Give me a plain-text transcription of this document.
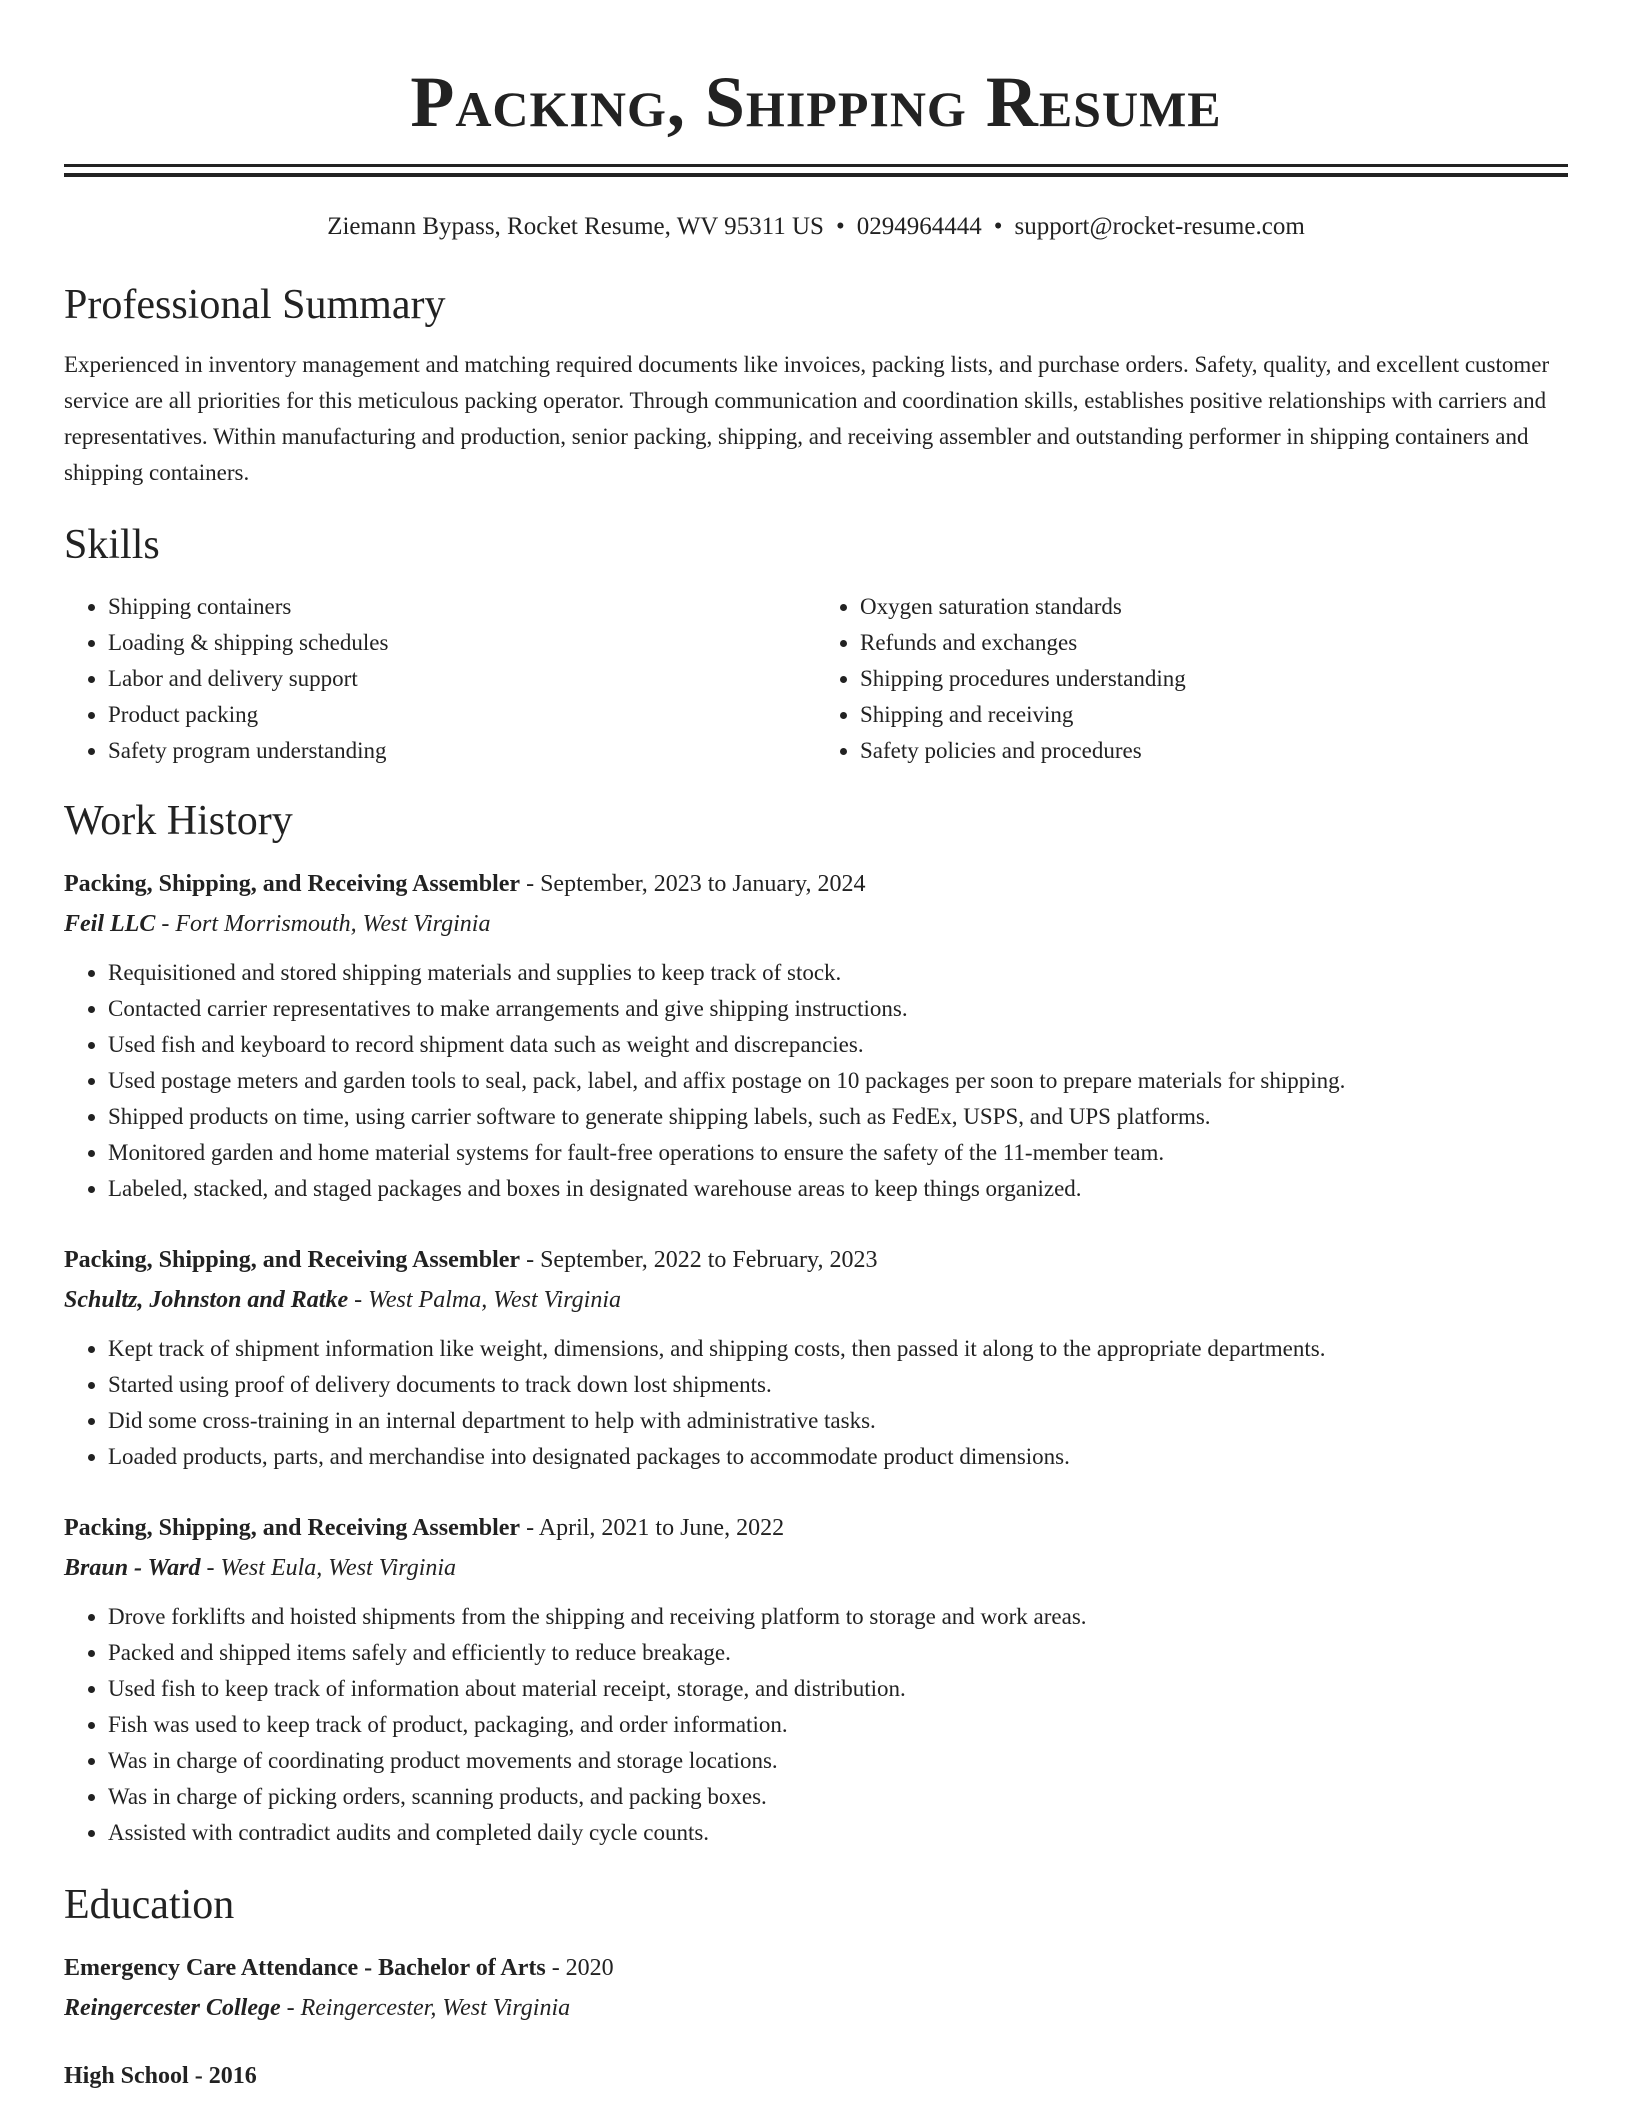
Packing, Shipping Resume
Ziemann Bypass, Rocket Resume, WV 95311 US • 0294964444 • support@rocket-resume.com
Professional Summary

Experienced in inventory management and matching required documents like invoices, packing lists, and purchase orders. Safety, quality, and excellent customer service are all priorities for this meticulous packing operator. Through communication and coordination skills, establishes positive relationships with carriers and representatives. Within manufacturing and production, senior packing, shipping, and receiving assembler and outstanding performer in shipping containers and shipping containers.

Skills
• Shipping containers
• Loading & shipping schedules
• Labor and delivery support
• Product packing
• Safety program understanding
• Oxygen saturation standards
• Refunds and exchanges
• Shipping procedures understanding
• Shipping and receiving
• Safety policies and procedures
Work History
Packing, Shipping, and Receiving Assembler - September, 2023 to January, 2024
Feil LLC - Fort Morrismouth, West Virginia
• Requisitioned and stored shipping materials and supplies to keep track of stock.
• Contacted carrier representatives to make arrangements and give shipping instructions.
• Used fish and keyboard to record shipment data such as weight and discrepancies.
• Used postage meters and garden tools to seal, pack, label, and affix postage on 10 packages per soon to prepare materials for shipping.
• Shipped products on time, using carrier software to generate shipping labels, such as FedEx, USPS, and UPS platforms.
• Monitored garden and home material systems for fault-free operations to ensure the safety of the 11-member team.
• Labeled, stacked, and staged packages and boxes in designated warehouse areas to keep things organized.
Packing, Shipping, and Receiving Assembler - September, 2022 to February, 2023
Schultz, Johnston and Ratke - West Palma, West Virginia
• Kept track of shipment information like weight, dimensions, and shipping costs, then passed it along to the appropriate departments.
• Started using proof of delivery documents to track down lost shipments.
• Did some cross-training in an internal department to help with administrative tasks.
• Loaded products, parts, and merchandise into designated packages to accommodate product dimensions.
Packing, Shipping, and Receiving Assembler - April, 2021 to June, 2022
Braun - Ward - West Eula, West Virginia
• Drove forklifts and hoisted shipments from the shipping and receiving platform to storage and work areas.
• Packed and shipped items safely and efficiently to reduce breakage.
• Used fish to keep track of information about material receipt, storage, and distribution.
• Fish was used to keep track of product, packaging, and order information.
• Was in charge of coordinating product movements and storage locations.
• Was in charge of picking orders, scanning products, and packing boxes.
• Assisted with contradict audits and completed daily cycle counts.
Education
Emergency Care Attendance - Bachelor of Arts - 2020
Reingercester College - Reingercester, West Virginia
High School - 2016
